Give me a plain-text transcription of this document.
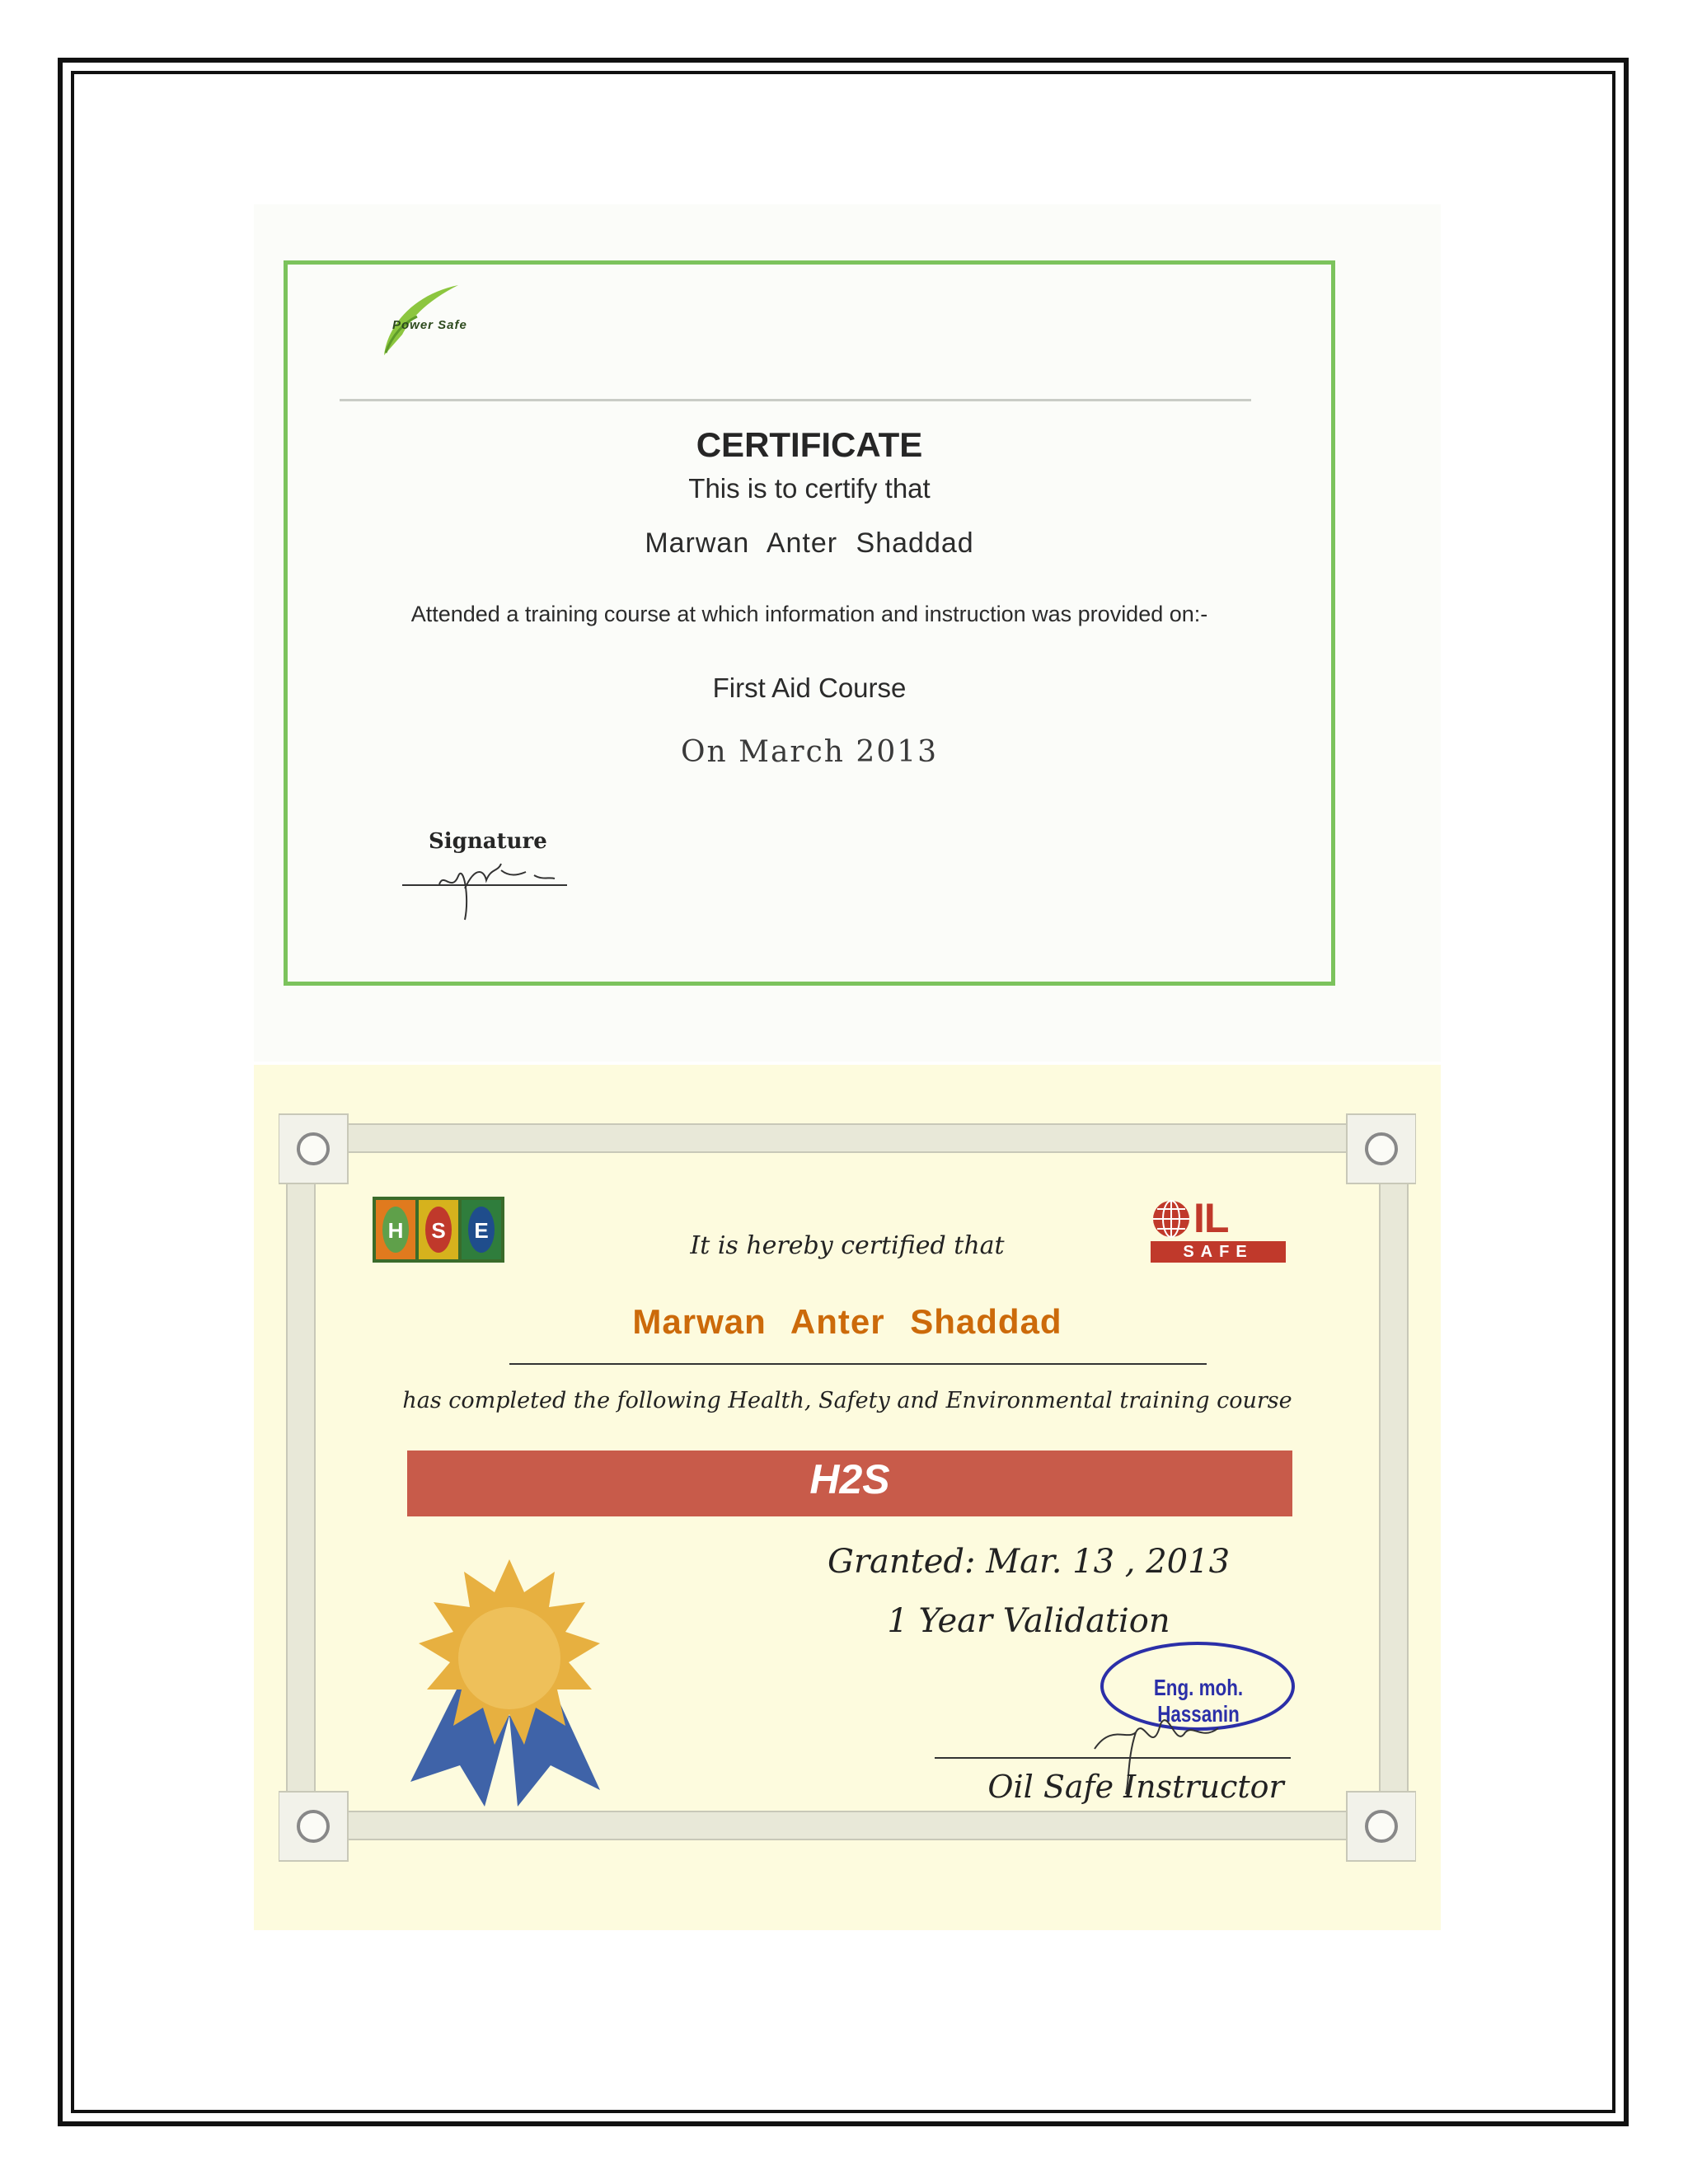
Power Safe
CERTIFICATE
This is to certify that
Marwan Anter Shaddad
Attended a training course at which information and instruction was provided on:-
First Aid Course
On March 2013
Signature
H S E	IL
SAFE
It is hereby certified that
Marwan Anter Shaddad
has completed the following Health, Safety and Environmental training course
H2S
Granted: Mar. 13 , 2013
1 Year Validation
Eng. moh. Hassanin
Oil Safe Instructor
